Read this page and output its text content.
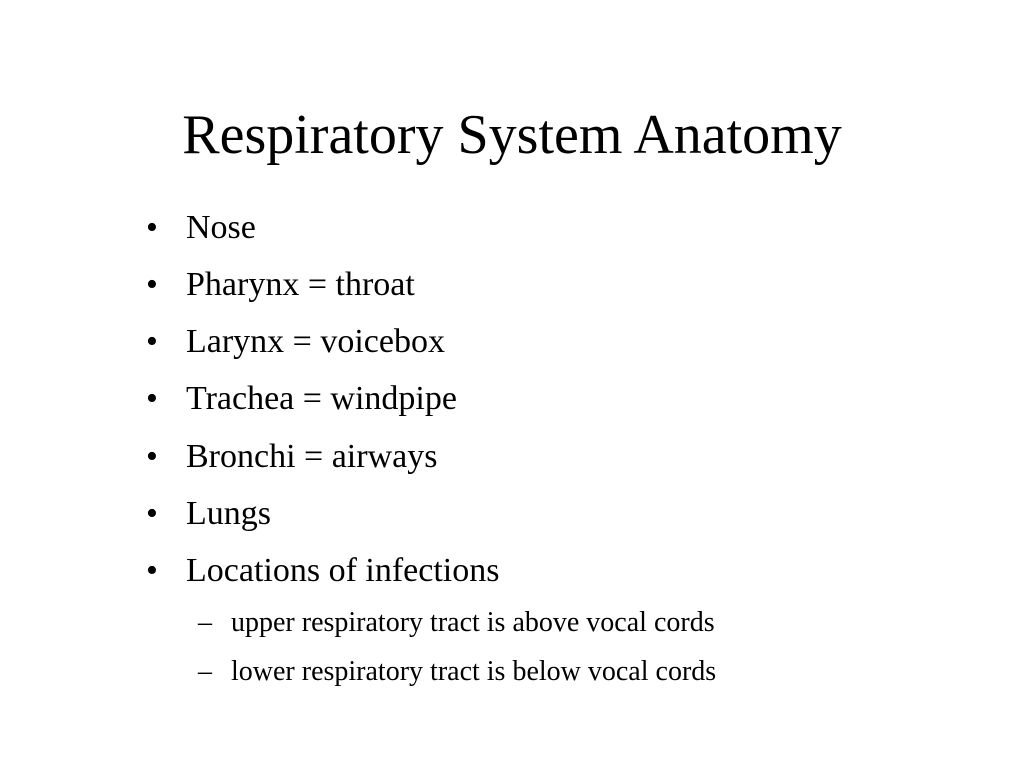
Respiratory System Anatomy
• Nose
• Pharynx = throat
• Larynx = voicebox
• Trachea = windpipe
• Bronchi = airways
• Lungs
• Locations of infections
– upper respiratory tract is above vocal cords
– lower respiratory tract is below vocal cords
